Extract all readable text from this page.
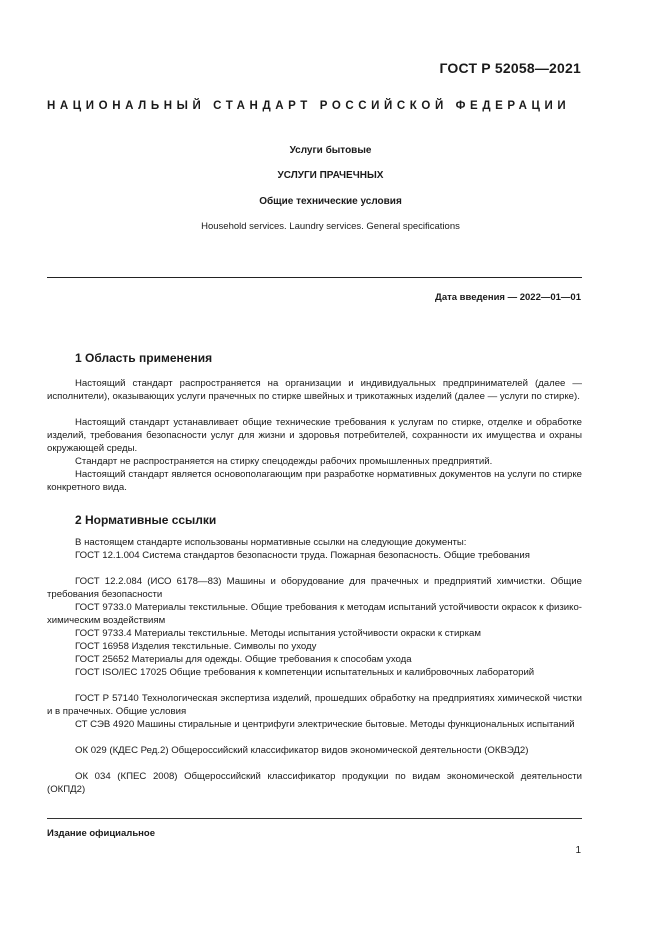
ГОСТ Р 52058—2021
НАЦИОНАЛЬНЫЙ СТАНДАРТ РОССИЙСКОЙ ФЕДЕРАЦИИ
Услуги бытовые
УСЛУГИ ПРАЧЕЧНЫХ
Общие технические условия
Household services. Laundry services. General specifications
Дата введения — 2022—01—01
1 Область применения

Настоящий стандарт распространяется на организации и индивидуальных предпринимателей (далее — исполнители), оказывающих услуги прачечных по стирке швейных и трикотажных изделий (далее — услуги по стирке).

Настоящий стандарт устанавливает общие технические требования к услугам по стирке, отделке и обработке изделий, требования безопасности услуг для жизни и здоровья потребителей, сохранности их имущества и охраны окружающей среды.

Стандарт не распространяется на стирку спецодежды рабочих промышленных предприятий.

Настоящий стандарт является основополагающим при разработке нормативных документов на услуги по стирке конкретного вида.

2 Нормативные ссылки

В настоящем стандарте использованы нормативные ссылки на следующие документы:

ГОСТ 12.1.004 Система стандартов безопасности труда. Пожарная безопасность. Общие требования

ГОСТ 12.2.084 (ИСО 6178—83) Машины и оборудование для прачечных и предприятий химчистки. Общие требования безопасности

ГОСТ 9733.0 Материалы текстильные. Общие требования к методам испытаний устойчивости окрасок к физико-химическим воздействиям

ГОСТ 9733.4 Материалы текстильные. Методы испытания устойчивости окраски к стиркам

ГОСТ 16958 Изделия текстильные. Символы по уходу

ГОСТ 25652 Материалы для одежды. Общие требования к способам ухода

ГОСТ ISO/IEC 17025 Общие требования к компетенции испытательных и калибровочных лабораторий

ГОСТ Р 57140 Технологическая экспертиза изделий, прошедших обработку на предприятиях химической чистки и в прачечных. Общие условия

СТ СЭВ 4920 Машины стиральные и центрифуги электрические бытовые. Методы функциональных испытаний

ОК 029 (КДЕС Ред.2) Общероссийский классификатор видов экономической деятельности (ОКВЭД2)

ОК 034 (КПЕС 2008) Общероссийский классификатор продукции по видам экономической деятельности (ОКПД2)

Издание официальное
1
